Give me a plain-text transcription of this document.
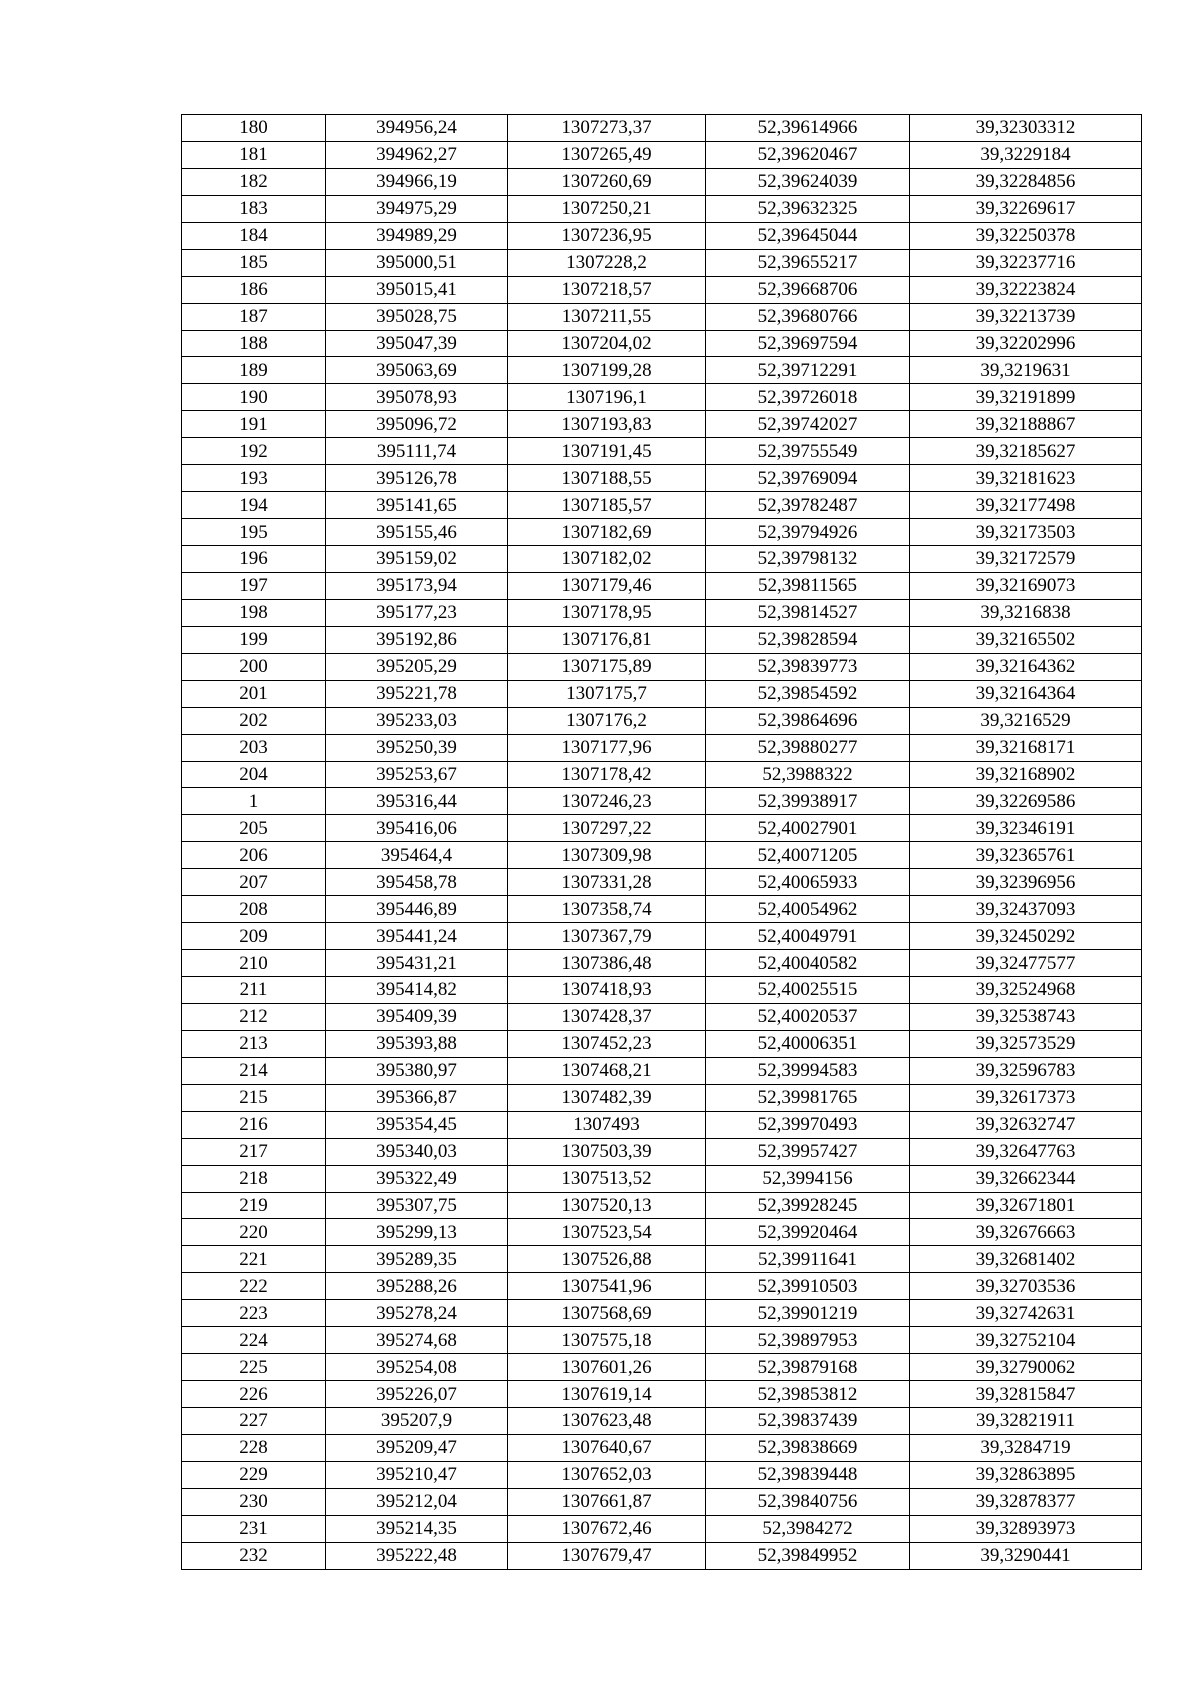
180	394956,24	1307273,37	52,39614966	39,32303312
181	394962,27	1307265,49	52,39620467	39,3229184
182	394966,19	1307260,69	52,39624039	39,32284856
183	394975,29	1307250,21	52,39632325	39,32269617
184	394989,29	1307236,95	52,39645044	39,32250378
185	395000,51	1307228,2	52,39655217	39,32237716
186	395015,41	1307218,57	52,39668706	39,32223824
187	395028,75	1307211,55	52,39680766	39,32213739
188	395047,39	1307204,02	52,39697594	39,32202996
189	395063,69	1307199,28	52,39712291	39,3219631
190	395078,93	1307196,1	52,39726018	39,32191899
191	395096,72	1307193,83	52,39742027	39,32188867
192	395111,74	1307191,45	52,39755549	39,32185627
193	395126,78	1307188,55	52,39769094	39,32181623
194	395141,65	1307185,57	52,39782487	39,32177498
195	395155,46	1307182,69	52,39794926	39,32173503
196	395159,02	1307182,02	52,39798132	39,32172579
197	395173,94	1307179,46	52,39811565	39,32169073
198	395177,23	1307178,95	52,39814527	39,3216838
199	395192,86	1307176,81	52,39828594	39,32165502
200	395205,29	1307175,89	52,39839773	39,32164362
201	395221,78	1307175,7	52,39854592	39,32164364
202	395233,03	1307176,2	52,39864696	39,3216529
203	395250,39	1307177,96	52,39880277	39,32168171
204	395253,67	1307178,42	52,3988322	39,32168902
1	395316,44	1307246,23	52,39938917	39,32269586
205	395416,06	1307297,22	52,40027901	39,32346191
206	395464,4	1307309,98	52,40071205	39,32365761
207	395458,78	1307331,28	52,40065933	39,32396956
208	395446,89	1307358,74	52,40054962	39,32437093
209	395441,24	1307367,79	52,40049791	39,32450292
210	395431,21	1307386,48	52,40040582	39,32477577
211	395414,82	1307418,93	52,40025515	39,32524968
212	395409,39	1307428,37	52,40020537	39,32538743
213	395393,88	1307452,23	52,40006351	39,32573529
214	395380,97	1307468,21	52,39994583	39,32596783
215	395366,87	1307482,39	52,39981765	39,32617373
216	395354,45	1307493	52,39970493	39,32632747
217	395340,03	1307503,39	52,39957427	39,32647763
218	395322,49	1307513,52	52,3994156	39,32662344
219	395307,75	1307520,13	52,39928245	39,32671801
220	395299,13	1307523,54	52,39920464	39,32676663
221	395289,35	1307526,88	52,39911641	39,32681402
222	395288,26	1307541,96	52,39910503	39,32703536
223	395278,24	1307568,69	52,39901219	39,32742631
224	395274,68	1307575,18	52,39897953	39,32752104
225	395254,08	1307601,26	52,39879168	39,32790062
226	395226,07	1307619,14	52,39853812	39,32815847
227	395207,9	1307623,48	52,39837439	39,32821911
228	395209,47	1307640,67	52,39838669	39,3284719
229	395210,47	1307652,03	52,39839448	39,32863895
230	395212,04	1307661,87	52,39840756	39,32878377
231	395214,35	1307672,46	52,3984272	39,32893973
232	395222,48	1307679,47	52,39849952	39,3290441
